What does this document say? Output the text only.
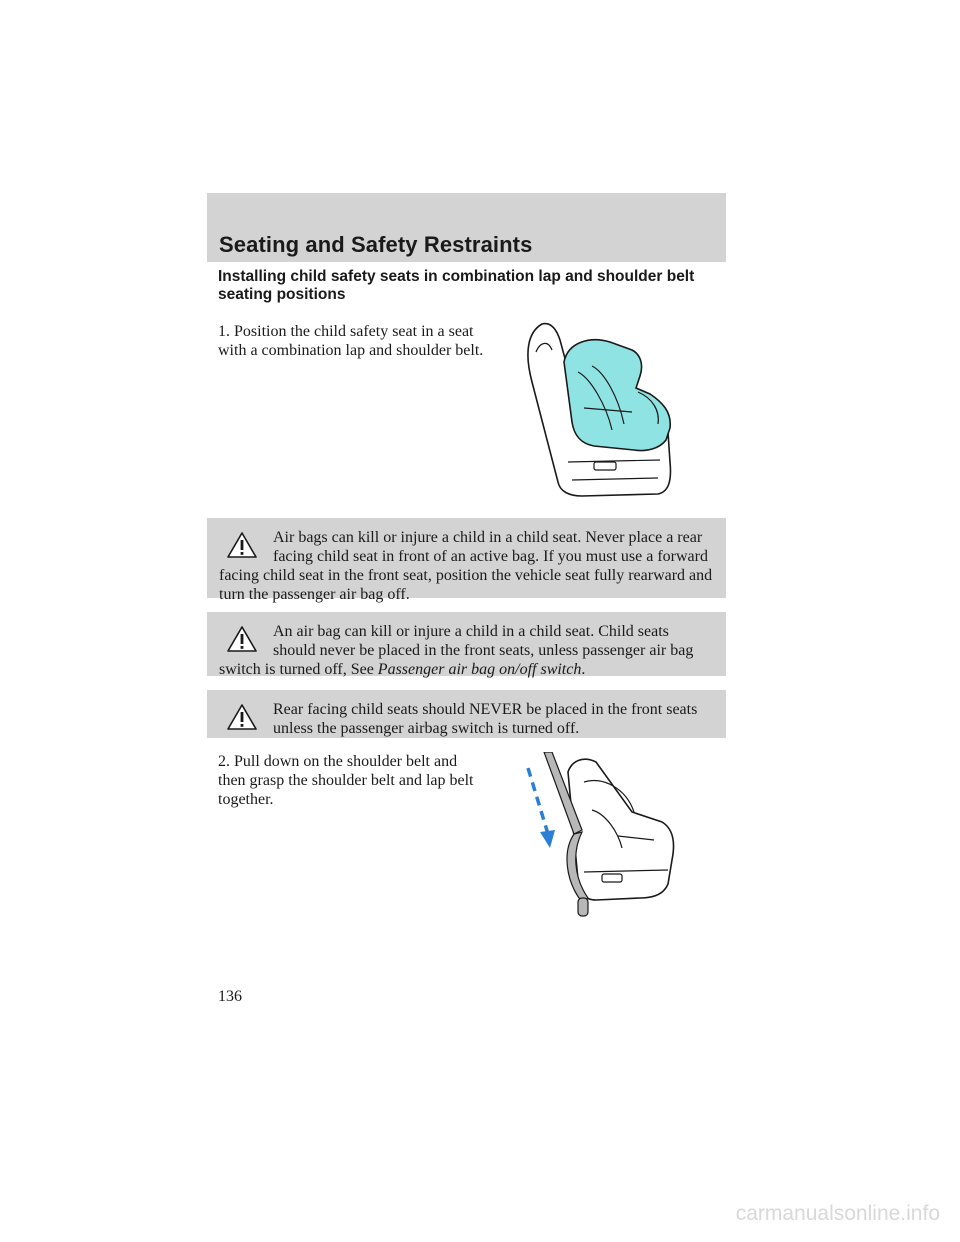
Seating and Safety Restraints
Installing child safety seats in combination lap and shoulder belt seating positions
1. Position the child safety seat in a seat with a combination lap and shoulder belt.

Air bags can kill or injure a child in a child seat. Never place a rear facing child seat in front of an active bag. If you must use a forward facing child seat in the front seat, position the vehicle seat fully rearward and turn the passenger air bag off.

An air bag can kill or injure a child in a child seat. Child seats should never be placed in the front seats, unless passenger air bag switch is turned off, See Passenger air bag on/off switch.

Rear facing child seats should NEVER be placed in the front seats unless the passenger airbag switch is turned off.

2. Pull down on the shoulder belt and then grasp the shoulder belt and lap belt together.
136
carmanualsonline.info
